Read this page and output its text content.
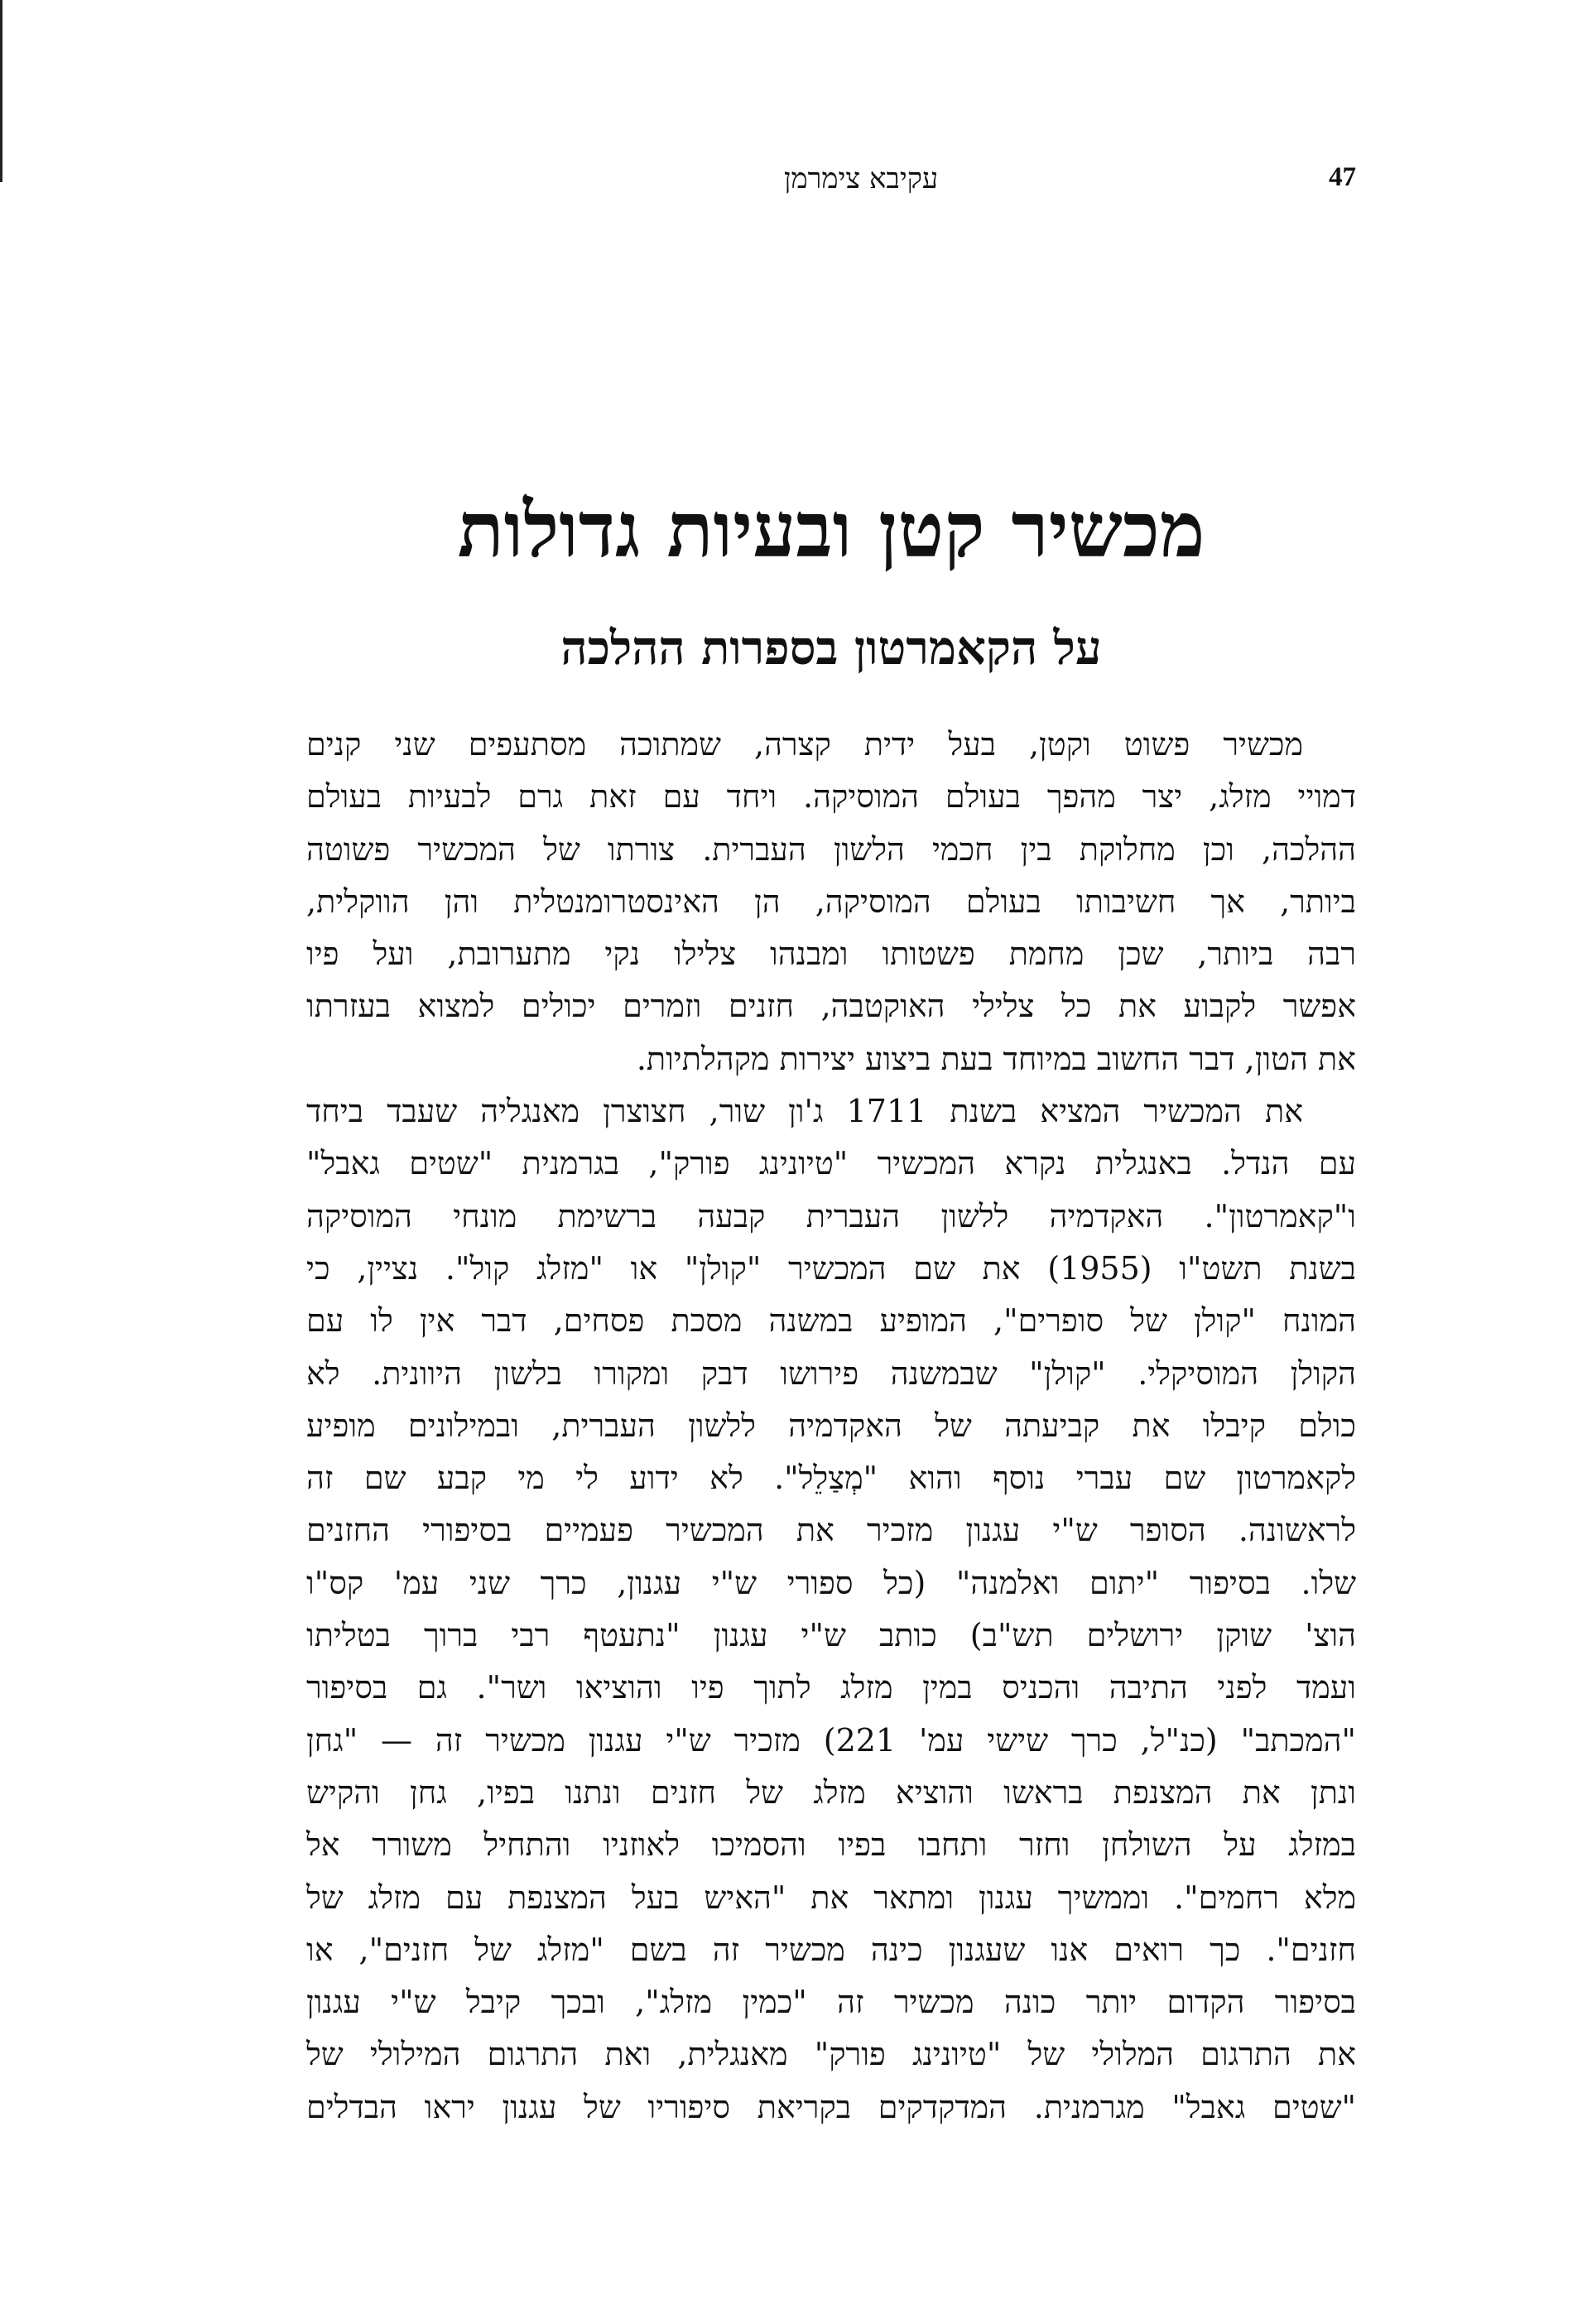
47
עקיבא צימרמן
מכשיר קטן ובעיות גדולות
על הקאמרטון בספרות ההלכה
מכשיר פשוט וקטן, בעל ידית קצרה, שמתוכה מסתעפים שני קנים
דמויי מזלג, יצר מהפך בעולם המוסיקה. ויחד עם זאת גרם לבעיות בעולם
ההלכה, וכן מחלוקת בין חכמי הלשון העברית. צורתו של המכשיר פשוטה
ביותר, אך חשיבותו בעולם המוסיקה, הן האינסטרומנטלית והן הווקלית,
רבה ביותר, שכן מחמת פשטותו ומבנהו צלילו נקי מתערובת, ועל פיו
אפשר לקבוע את כל צלילי האוקטבה, חזנים וזמרים יכולים למצוא בעזרתו
את הטון, דבר החשוב במיוחד בעת ביצוע יצירות מקהלתיות.
את המכשיר המציא בשנת 1711 ג'ון שור, חצוצרן מאנגליה שעבד ביחד
עם הנדל. באנגלית נקרא המכשיר "טיונינג פורק", בגרמנית "שטים גאבל"
ו"קאמרטון". האקדמיה ללשון העברית קבעה ברשימת מונחי המוסיקה
בשנת תשט"ו (1955) את שם המכשיר "קולן" או "מזלג קול". נציין, כי
המונח "קולן של סופרים", המופיע במשנה מסכת פסחים, דבר אין לו עם
הקולן המוסיקלי. "קולן" שבמשנה פירושו דבק ומקורו בלשון היוונית. לא
כולם קיבלו את קביעתה של האקדמיה ללשון העברית, ובמילונים מופיע
לקאמרטון שם עברי נוסף והוא "מְצַלֵל". לא ידוע לי מי קבע שם זה
לראשונה. הסופר ש"י עגנון מזכיר את המכשיר פעמיים בסיפורי החזנים
שלו. בסיפור "יתום ואלמנה" (כל ספורי ש"י עגנון, כרך שני עמ' קס"ו
הוצ' שוקן ירושלים תש"ב) כותב ש"י עגנון "נתעטף רבי ברוך בטליתו
ועמד לפני התיבה והכניס במין מזלג לתוך פיו והוציאו ושר". גם בסיפור
"המכתב" (כנ"ל, כרך שישי עמ' 221) מזכיר ש"י עגנון מכשיר זה — "גחן
ונתן את המצנפת בראשו והוציא מזלג של חזנים ונתנו בפיו, גחן והקיש
במזלג על השולחן וחזר ותחבו בפיו והסמיכו לאוזניו והתחיל משורר אל
מלא רחמים". וממשיך עגנון ומתאר את "האיש בעל המצנפת עם מזלג של
חזנים". כך רואים אנו שעגנון כינה מכשיר זה בשם "מזלג של חזנים", או
בסיפור הקדום יותר כונה מכשיר זה "כמין מזלג", ובכך קיבל ש"י עגנון
את התרגום המלולי של "טיונינג פורק" מאנגלית, ואת התרגום המילולי של
"שטים גאבל" מגרמנית. המדקדקים בקריאת סיפוריו של עגנון יראו הבדלים
